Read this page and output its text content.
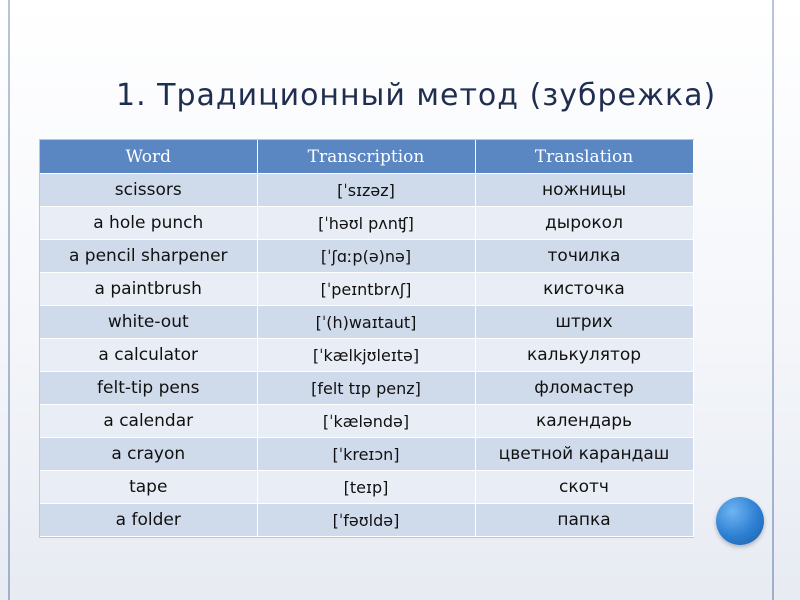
1. Традиционный метод (зубрежка)
Word	Transcription	Translation
scissors	[ˈsɪzəz]	ножницы
a hole punch	[ˈhəʊl pʌnʧ]	дырокол
a pencil sharpener	[ˈʃɑːp(ə)nə]	точилка
a paintbrush	[ˈpeɪntbrʌʃ]	кисточка
white-out	[ˈ(h)waɪtaut]	штрих
a calculator	[ˈkælkjʊleɪtə]	калькулятор
felt-tip pens	[felt tɪp penz]	фломастер
a calendar	[ˈkæləndə]	календарь
a crayon	[ˈkreɪɔn]	цветной карандаш
tape	[teɪp]	скотч
a folder	[ˈfəʊldə]	папка
